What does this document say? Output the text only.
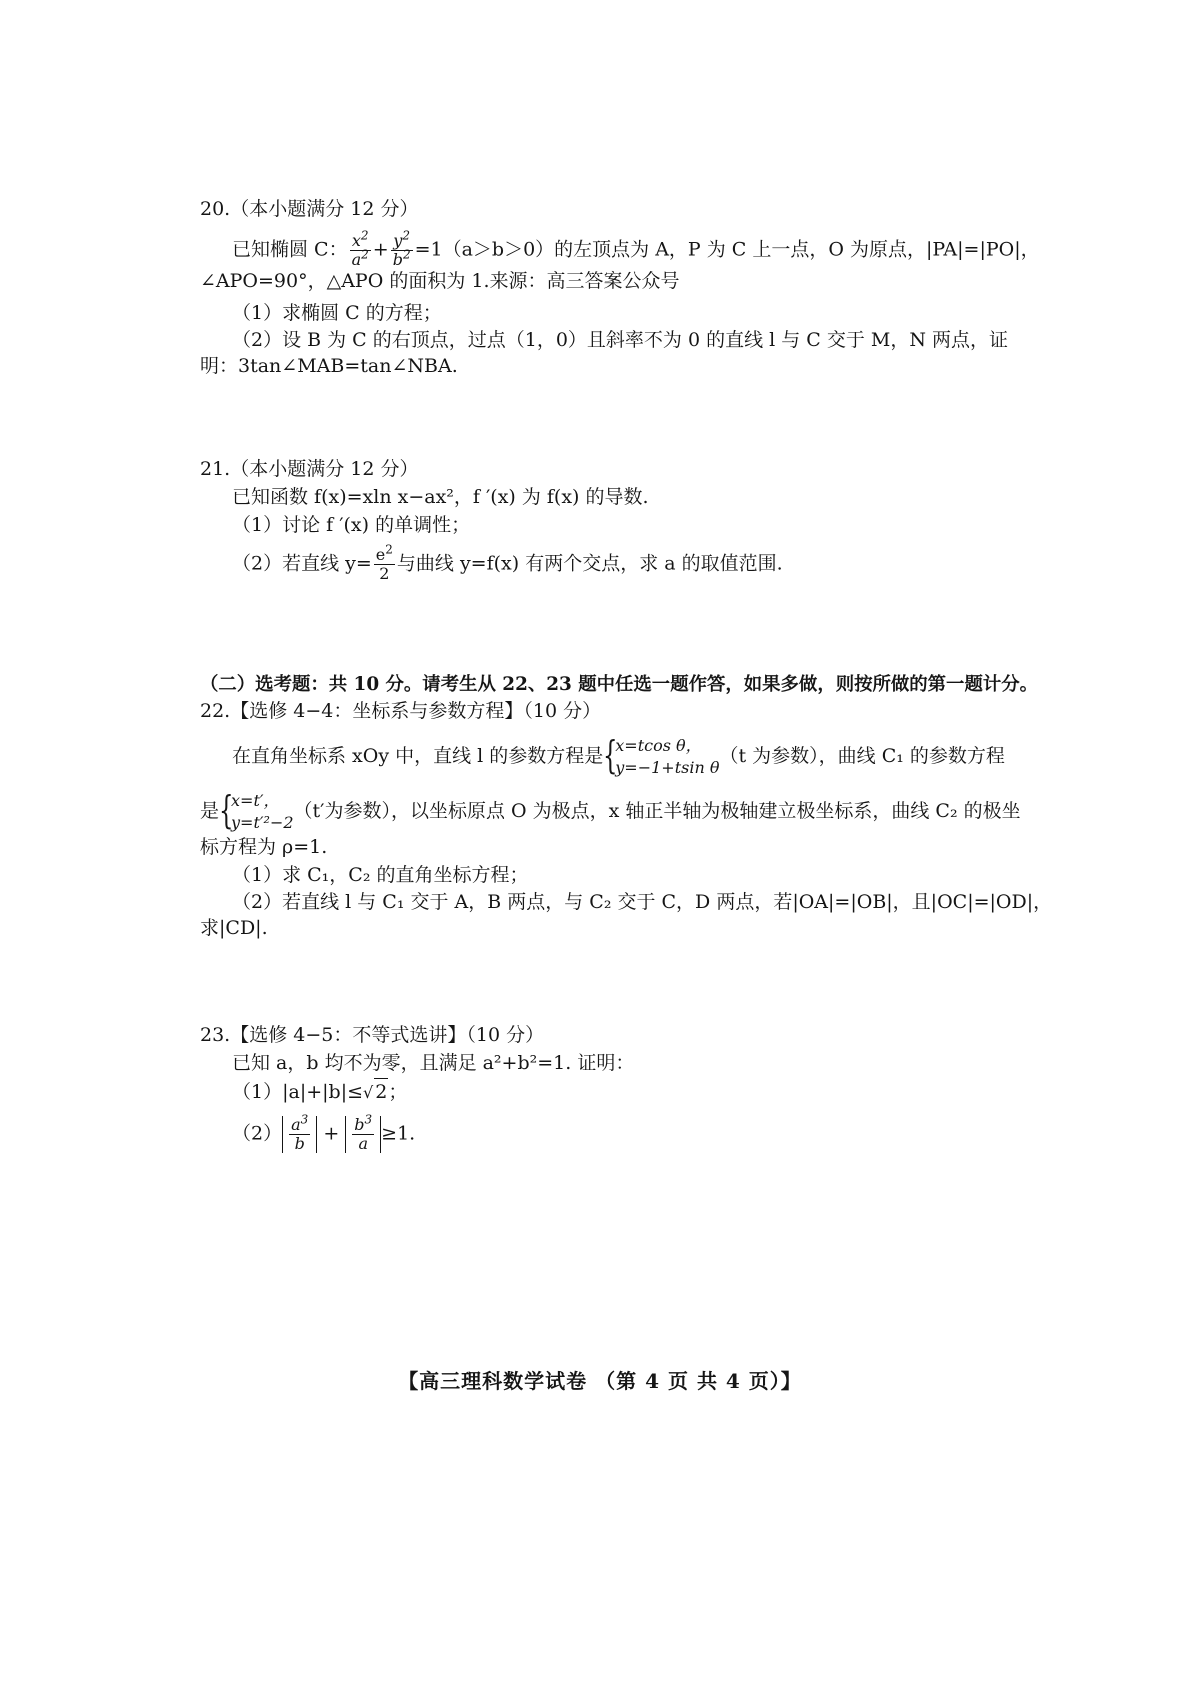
20.（本小题满分 12 分）
已知椭圆 C： $\frac{x^2}{a^2} + \frac{y^2}{b^2} =1(a>b>0)$的左顶点为 A，P 为 C 上一点，O 为原点，|PA|=|PO|，
∠APO=90°，△APO 的面积为 1.来源：高三答案公众号
（1）求椭圆 C 的方程；
（2）设 B 为 C 的右顶点，过点（1，0）且斜率不为 0 的直线 l 与 C 交于 M，N 两点，证
明：3tan∠MAB=tan∠NBA.
21.（本小题满分 12 分）
已知函数 f(x)=xln x−ax²，f ′(x) 为 f(x) 的导数.
（1）讨论 f ′(x) 的单调性；
（2）若直线 $y= \frac{e^2}{2}$ 与曲线 y=f(x) 有两个交点，求 a 的取值范围.
（二）选考题：共 10 分。请考生从 22、23 题中任选一题作答，如果多做，则按所做的第一题计分。
22.【选修 4−4：坐标系与参数方程】（10 分）
在直角坐标系 xOy 中，直线 l 的参数方程是 {
x=tcos θ，
y=−1+tsin θ
（t 为参数），曲线 C₁ 的参数方程
是 {
x=t′，
y=t′²−2
（t′为参数），以坐标原点 O 为极点，x 轴正半轴为极轴建立极坐标系，曲线 C₂ 的极坐
标方程为 ρ=1.
（1）求 C₁，C₂ 的直角坐标方程；
（2）若直线 l 与 C₁ 交于 A，B 两点，与 C₂ 交于 C，D 两点，若|OA|=|OB|，且|OC|=|OD|，
求|CD|.
23.【选修 4−5：不等式选讲】（10 分）
已知 a，b 均不为零，且满足 a²+b²=1. 证明：
（1）|a|+|b|≤√ 2；
$(2) \frac{a^3}{b} + \frac{b^3}{a} \ge 1$.
【高三理科数学试卷 （第 4 页 共 4 页）】
